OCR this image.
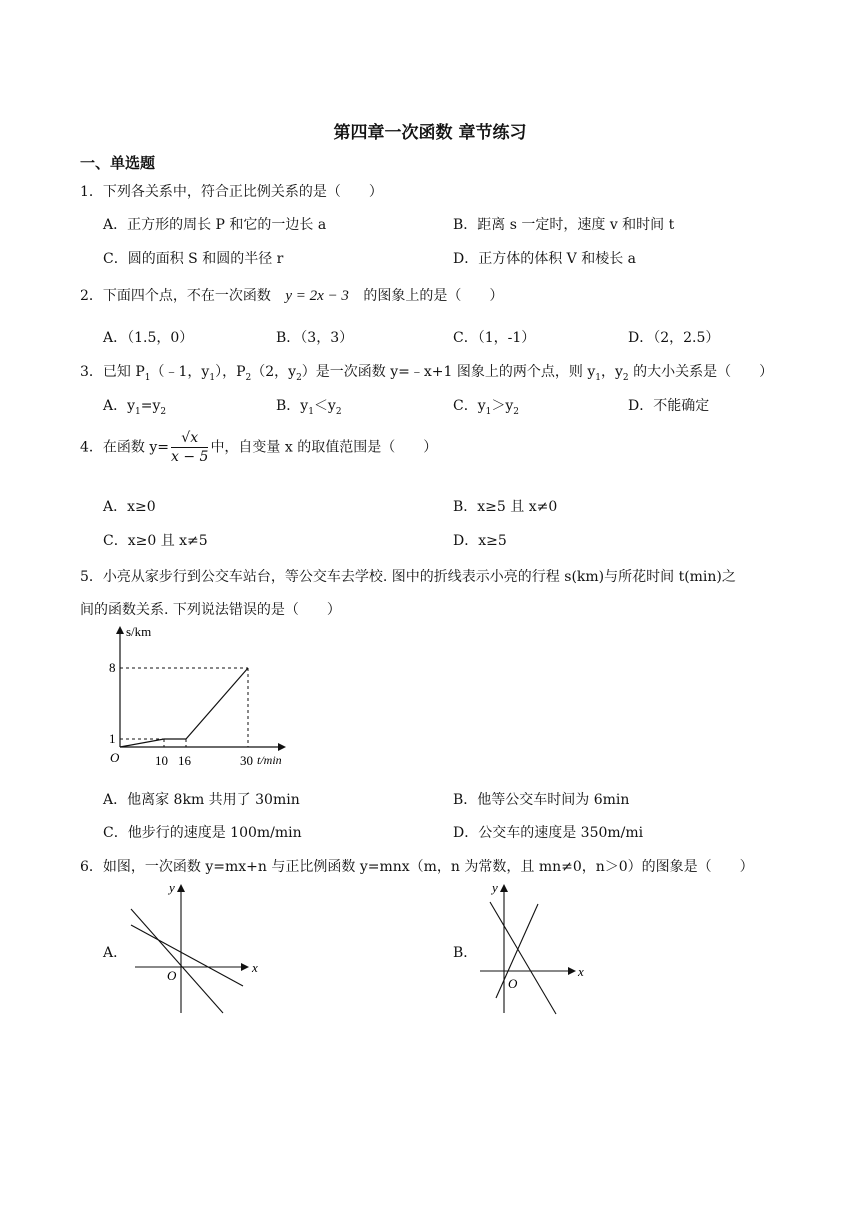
第四章一次函数 章节练习
一、单选题
1．下列各关系中，符合正比例关系的是（　　）
A．正方形的周长 P 和它的一边长 a	B．距离 s 一定时，速度 v 和时间 t
C．圆的面积 S 和圆的半径 r	D．正方体的体积 V 和棱长 a
2．下面四个点，不在一次函数 y = 2x − 3 的图象上的是（　　）
A．（1.5，0）	B．（3，3）	C．（1，-1）	D．（2，2.5）
3．已知 $P_1(﹣1$，$y_1$），$P_2(2$，$y_2$）是一次函数 y=﹣x+1 图象上的两个点，则 $y_1$，$y_2$ 的大小关系是（　　）
A．$y_1=y_2$	B．$y_1<y_2$	C．$y_1>y_2$	D．不能确定
4．在函数 $y= \frac{√x}{x - 5}$ 中，自变量 x 的取值范围是（　　）
A．x≥0	B．x≥5 且 x≠0
C．x≥0 且 x≠5	D．x≥5
5．小亮从家步行到公交车站台，等公交车去学校. 图中的折线表示小亮的行程 s(km)与所花时间 t(min)之
间的函数关系. 下列说法错误的是（　　）
s/km
t/min
O
1
8
10 16	30
A．他离家 8km 共用了 30min	B．他等公交车时间为 6min
C．他步行的速度是 100m/min	D．公交车的速度是 350m/mi
6．如图，一次函数 y=mx+n 与正比例函数 y=mnx（m，n 为常数，且 mn≠0，n＞0）的图象是（　　）
A．
x
y
O
B．
x
y
O
